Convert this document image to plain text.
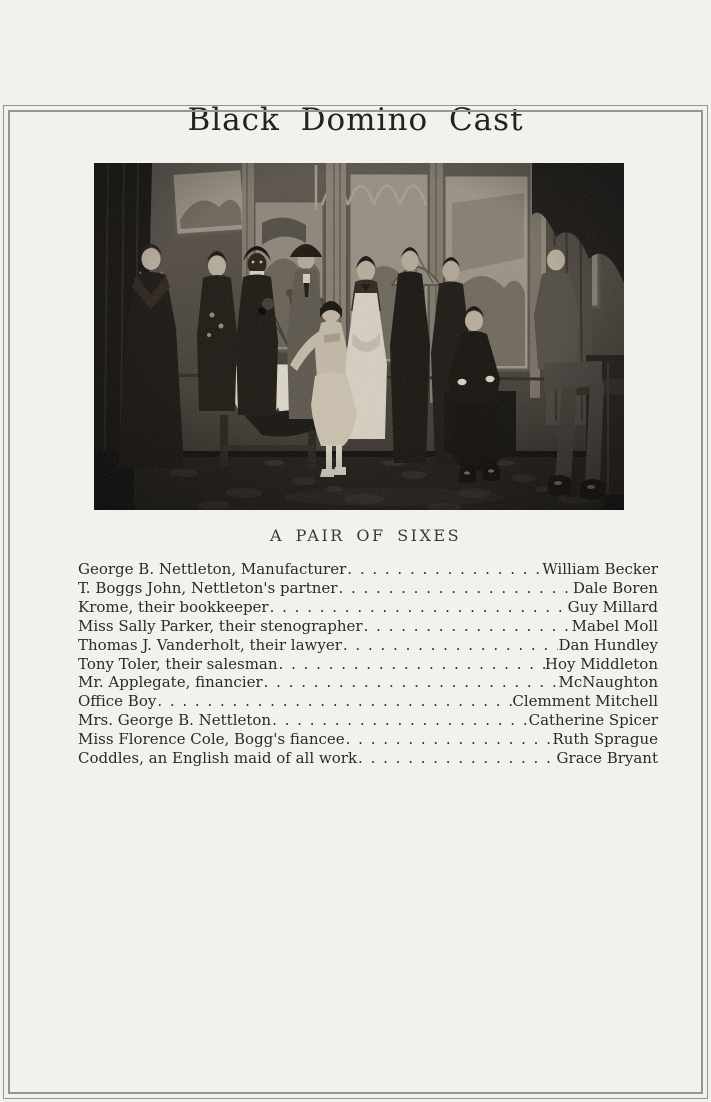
Black Domino Cast
A PAIR OF SIXES
George B. Nettleton, Manufacturer . . .	William Becker
T. Boggs John, Nettleton's partner . . .	Dale Boren
Krome, their bookkeeper . . .	Guy Millard
Miss Sally Parker, their stenographer . . .	Mabel Moll
Thomas J. Vanderholt, their lawyer . . .	Dan Hundley
Tony Toler, their salesman . . .	Hoy Middleton
Mr. Applegate, financier . . .	McNaughton
Office Boy . . .	Clemment Mitchell
Mrs. George B. Nettleton . . .	Catherine Spicer
Miss Florence Cole, Bogg's fiancee . . .	Ruth Sprague
Coddles, an English maid of all work . . .	Grace Bryant
